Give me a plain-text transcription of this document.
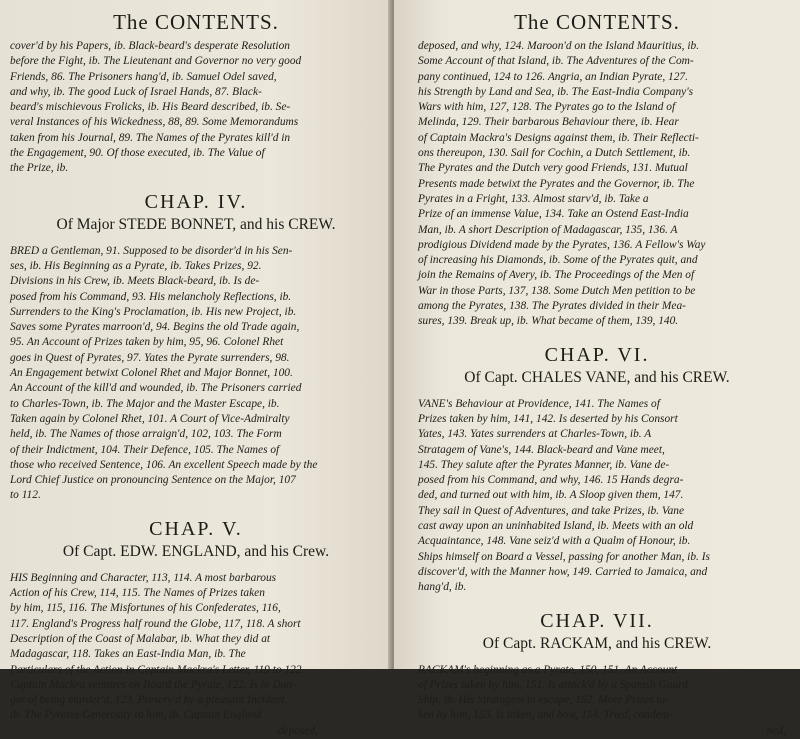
The CONTENTS.
cover'd by his Papers, ib. Black-beard's desperate Resolution
before the Fight, ib. The Lieutenant and Governor no very good
Friends, 86. The Prisoners hang'd, ib. Samuel Odel saved,
and why, ib. The good Luck of Israel Hands, 87. Black-
beard's mischievous Frolicks, ib. His Beard described, ib. Se-
veral Instances of his Wickedness, 88, 89. Some Memorandums
taken from his Journal, 89. The Names of the Pyrates kill'd in
the Engagement, 90. Of those executed, ib. The Value of
the Prize, ib.
CHAP. IV.
Of Major STEDE BONNET, and his CREW.
BRED a Gentleman, 91. Supposed to be disorder'd in his Sen-
ses, ib. His Beginning as a Pyrate, ib. Takes Prizes, 92.
Divisions in his Crew, ib. Meets Black-beard, ib. Is de-
posed from his Command, 93. His melancholy Reflections, ib.
Surrenders to the King's Proclamation, ib. His new Project, ib.
Saves some Pyrates marroon'd, 94. Begins the old Trade again,
95. An Account of Prizes taken by him, 95, 96. Colonel Rhet
goes in Quest of Pyrates, 97. Yates the Pyrate surrenders, 98.
An Engagement betwixt Colonel Rhet and Major Bonnet, 100.
An Account of the kill'd and wounded, ib. The Prisoners carried
to Charles-Town, ib. The Major and the Master Escape, ib.
Taken again by Colonel Rhet, 101. A Court of Vice-Admiralty
held, ib. The Names of those arraign'd, 102, 103. The Form
of their Indictment, 104. Their Defence, 105. The Names of
those who received Sentence, 106. An excellent Speech made by the
Lord Chief Justice on pronouncing Sentence on the Major, 107
to 112.
CHAP. V.
Of Capt. EDW. ENGLAND, and his Crew.
HIS Beginning and Character, 113, 114. A most barbarous
Action of his Crew, 114, 115. The Names of Prizes taken
by him, 115, 116. The Misfortunes of his Confederates, 116,
117. England's Progress half round the Globe, 117, 118. A short
Description of the Coast of Malabar, ib. What they did at
Madagascar, 118. Takes an East-India Man, ib. The
Particulars of the Action in Captain Mackra's Letter, 119 to 122.
Captain Mackra ventures on Board the Pyrate, 122. Is in Dan-
ger of being murder'd, 123. Preserv'd by a pleasant Incident,
ib. The Pyrates Generosity to him, ib. Captain England
deposed,
The CONTENTS.
deposed, and why, 124. Maroon'd on the Island Mauritius, ib.
Some Account of that Island, ib. The Adventures of the Com-
pany continued, 124 to 126. Angria, an Indian Pyrate, 127.
his Strength by Land and Sea, ib. The East-India Company's
Wars with him, 127, 128. The Pyrates go to the Island of
Melinda, 129. Their barbarous Behaviour there, ib. Hear
of Captain Mackra's Designs against them, ib. Their Reflecti-
ons thereupon, 130. Sail for Cochin, a Dutch Settlement, ib.
The Pyrates and the Dutch very good Friends, 131. Mutual
Presents made betwixt the Pyrates and the Governor, ib. The
Pyrates in a Fright, 133. Almost starv'd, ib. Take a
Prize of an immense Value, 134. Take an Ostend East-India
Man, ib. A short Description of Madagascar, 135, 136. A
prodigious Dividend made by the Pyrates, 136. A Fellow's Way
of increasing his Diamonds, ib. Some of the Pyrates quit, and
join the Remains of Avery, ib. The Proceedings of the Men of
War in those Parts, 137, 138. Some Dutch Men petition to be
among the Pyrates, 138. The Pyrates divided in their Mea-
sures, 139. Break up, ib. What became of them, 139, 140.
CHAP. VI.
Of Capt. CHALES VANE, and his CREW.
VANE's Behaviour at Providence, 141. The Names of
Prizes taken by him, 141, 142. Is deserted by his Consort
Yates, 143. Yates surrenders at Charles-Town, ib. A
Stratagem of Vane's, 144. Black-beard and Vane meet,
145. They salute after the Pyrates Manner, ib. Vane de-
posed from his Command, and why, 146. 15 Hands degra-
ded, and turned out with him, ib. A Sloop given them, 147.
They sail in Quest of Adventures, and take Prizes, ib. Vane
cast away upon an uninhabited Island, ib. Meets with an old
Acquaintance, 148. Vane seiz'd with a Qualm of Honour, ib.
Ships himself on Board a Vessel, passing for another Man, ib. Is
discover'd, with the Manner how, 149. Carried to Jamaica, and
hang'd, ib.
CHAP. VII.
Of Capt. RACKAM, and his CREW.
RACKAM's beginning as a Pyrate, 150, 151. An Account
of Prizes taken by him, 151. Is attack'd by a Spanish Guard
Ship, ib. His Stratagem to escape, 152. More Prizes ta-
ken by him, 153. Is taken, and how, 154. Tried, condem-
ned,
